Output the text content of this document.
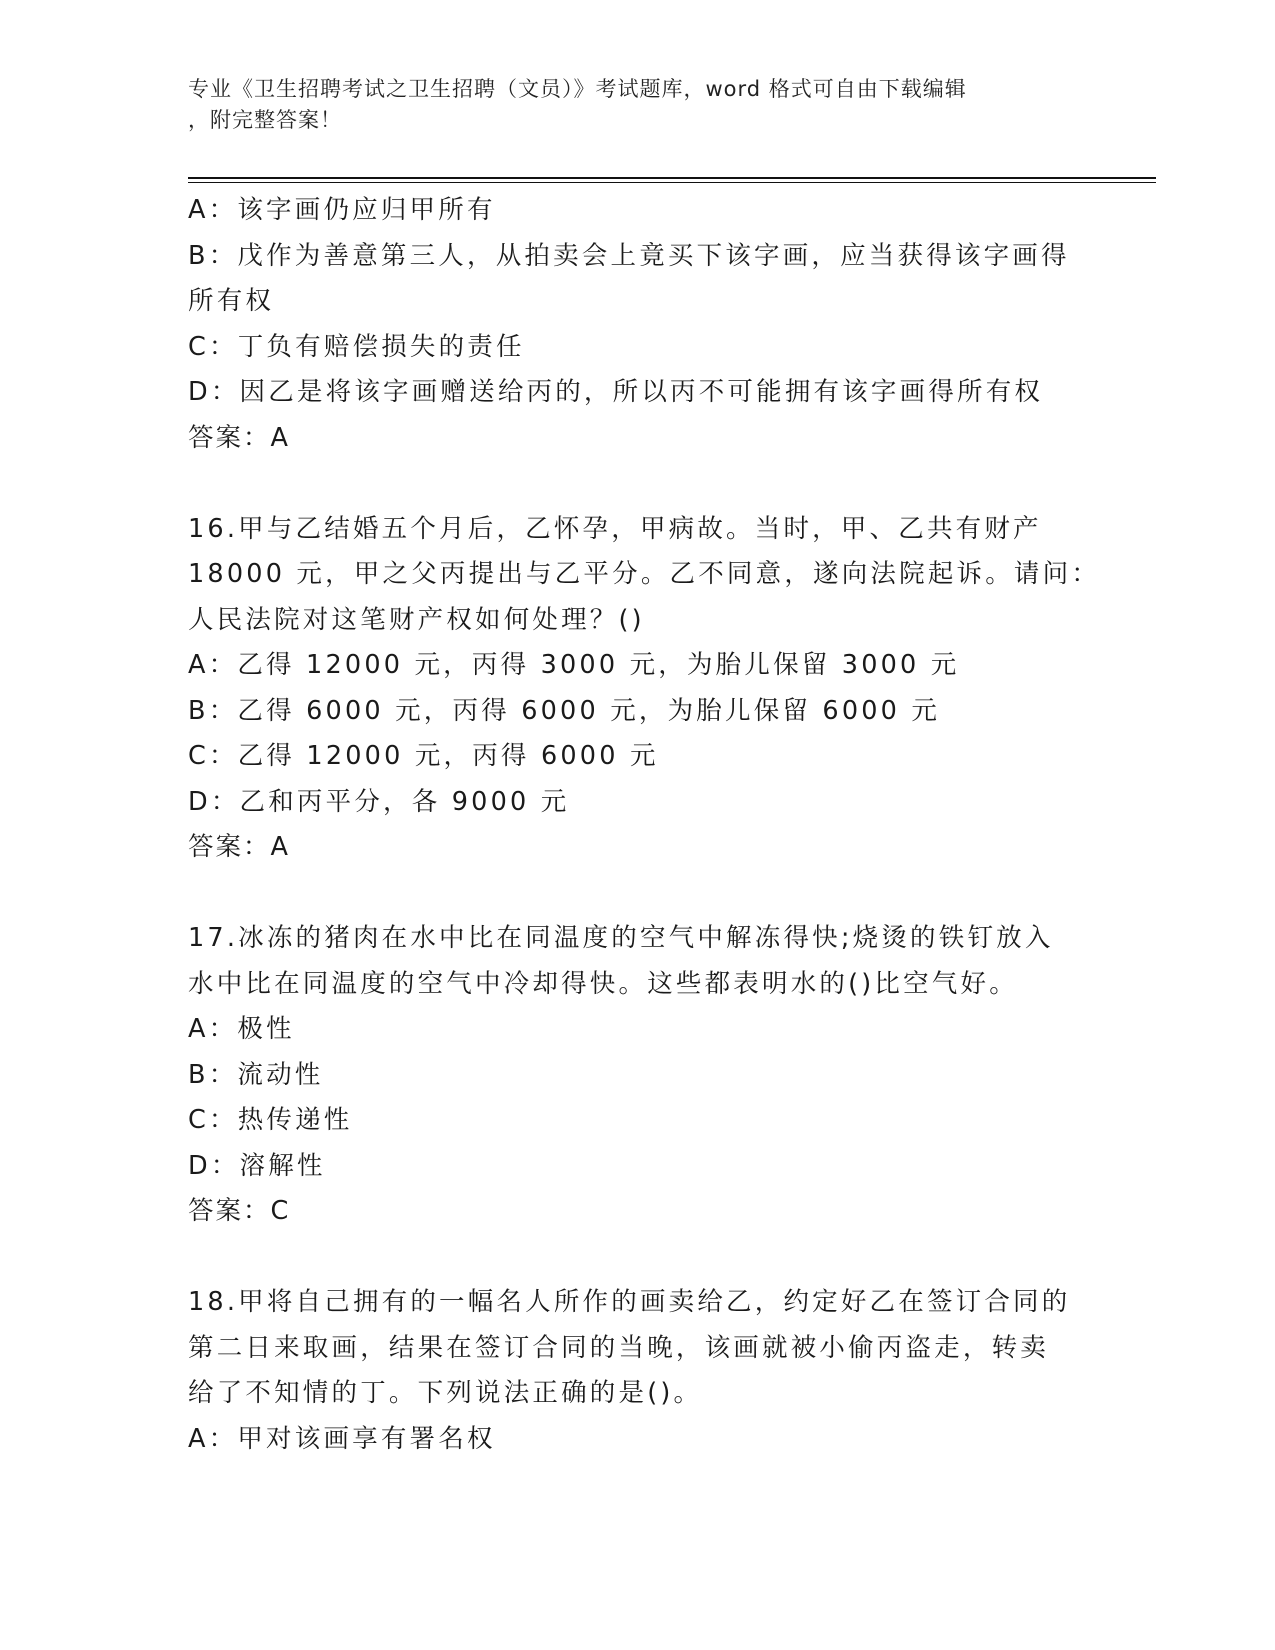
专业《卫生招聘考试之卫生招聘（文员）》考试题库，word 格式可自由下载编辑
，附完整答案！
A：该字画仍应归甲所有
B：戊作为善意第三人，从拍卖会上竟买下该字画，应当获得该字画得
所有权
C：丁负有赔偿损失的责任
D：因乙是将该字画赠送给丙的，所以丙不可能拥有该字画得所有权
答案：A
16.甲与乙结婚五个月后，乙怀孕，甲病故。当时，甲、乙共有财产
18000 元，甲之父丙提出与乙平分。乙不同意，遂向法院起诉。请问：
人民法院对这笔财产权如何处理？()
A：乙得 12000 元，丙得 3000 元，为胎儿保留 3000 元
B：乙得 6000 元，丙得 6000 元，为胎儿保留 6000 元
C：乙得 12000 元，丙得 6000 元
D：乙和丙平分，各 9000 元
答案：A
17.冰冻的猪肉在水中比在同温度的空气中解冻得快;烧烫的铁钉放入
水中比在同温度的空气中冷却得快。这些都表明水的()比空气好。
A：极性
B：流动性
C：热传递性
D：溶解性
答案：C
18.甲将自己拥有的一幅名人所作的画卖给乙，约定好乙在签订合同的
第二日来取画，结果在签订合同的当晚，该画就被小偷丙盗走，转卖
给了不知情的丁。下列说法正确的是()。
A：甲对该画享有署名权
